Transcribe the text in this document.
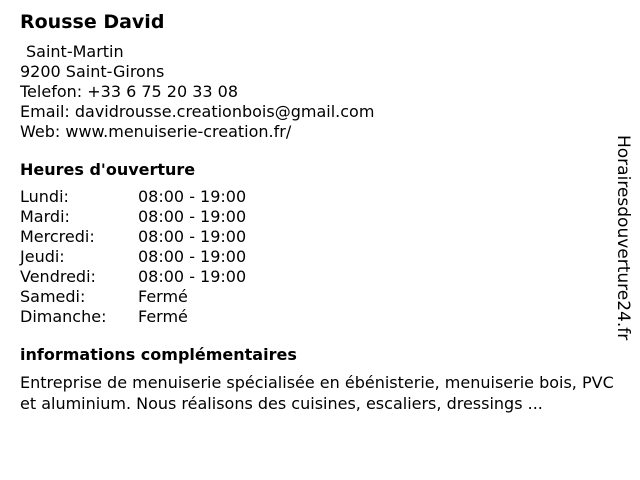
Rousse David
Saint-Martin
9200 Saint-Girons
Telefon: +33 6 75 20 33 08
Email: davidrousse.creationbois@gmail.com
Web: www.menuiserie-creation.fr/
Heures d'ouverture
Lundi:	08:00 - 19:00
Mardi:	08:00 - 19:00
Mercredi:	08:00 - 19:00
Jeudi:	08:00 - 19:00
Vendredi:	08:00 - 19:00
Samedi:	Fermé
Dimanche:	Fermé
informations complémentaires
Entreprise de menuiserie spécialisée en ébénisterie, menuiserie bois, PVC et aluminium. Nous réalisons des cuisines, escaliers, dressings ...
Horairesdouverture24.fr
